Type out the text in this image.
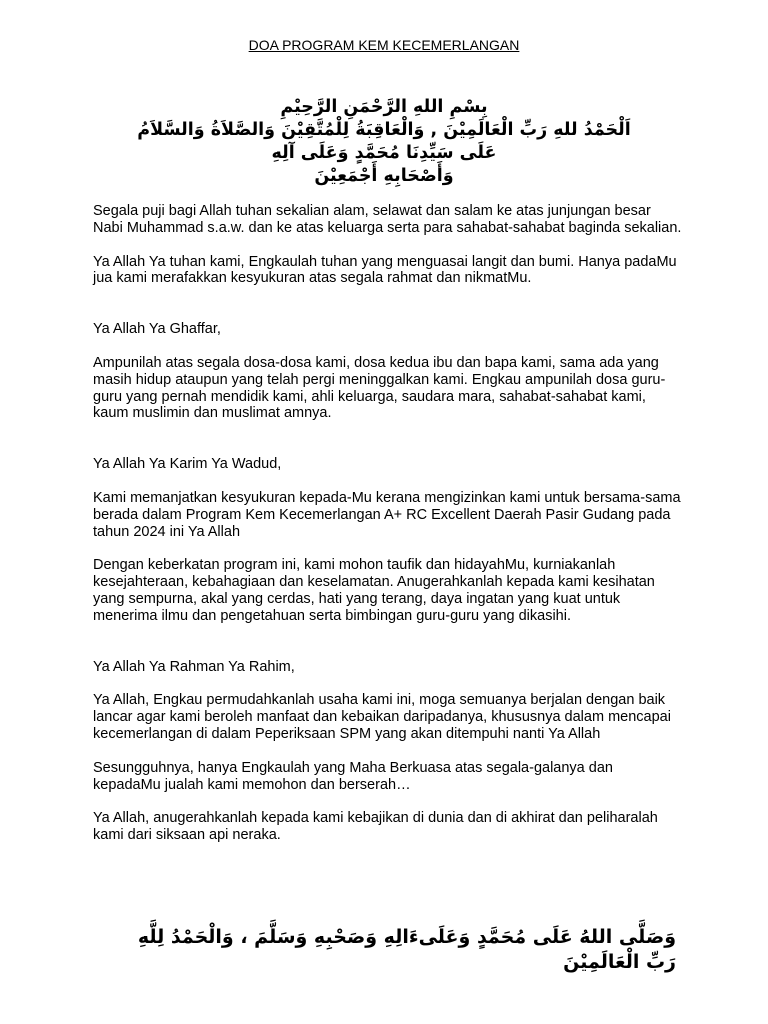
DOA PROGRAM KEM KECEMERLANGAN
بِسْمِ اللهِ الرَّحْمَنِ الرَّحِيْمِ
اَلْحَمْدُ للهِ رَبِّ الْعَالَمِيْنَ , وَالْعَاقِبَةُ لِلْمُتَّقِيْنَ وَالصَّلاَةُ وَالسَّلاَمُ
عَلَى سَيِّدِنَا مُحَمَّدٍ وَعَلَى آلِهِ
وَأَصْحَابِهِ أَجْمَعِيْنَ

Segala puji bagi Allah tuhan sekalian alam, selawat dan salam ke atas junjungan besar Nabi Muhammad s.a.w. dan ke atas keluarga serta para sahabat-sahabat baginda sekalian.

Ya Allah Ya tuhan kami, Engkaulah tuhan yang menguasai langit dan bumi. Hanya padaMu jua kami merafakkan kesyukuran atas segala rahmat dan nikmatMu.

Ya Allah Ya Ghaffar,

Ampunilah atas segala dosa-dosa kami, dosa kedua ibu dan bapa kami, sama ada yang masih hidup ataupun yang telah pergi meninggalkan kami. Engkau ampunilah dosa guru-guru yang pernah mendidik kami, ahli keluarga, saudara mara, sahabat-sahabat kami, kaum muslimin dan muslimat amnya.

Ya Allah Ya Karim Ya Wadud,

Kami memanjatkan kesyukuran kepada-Mu kerana mengizinkan kami untuk bersama-sama berada dalam Program Kem Kecemerlangan A+ RC Excellent Daerah Pasir Gudang pada tahun 2024 ini Ya Allah

Dengan keberkatan program ini, kami mohon taufik dan hidayahMu, kurniakanlah kesejahteraan, kebahagiaan dan keselamatan. Anugerahkanlah kepada kami kesihatan yang sempurna, akal yang cerdas, hati yang terang, daya ingatan yang kuat untuk menerima ilmu dan pengetahuan serta bimbingan guru-guru yang dikasihi.

Ya Allah Ya Rahman Ya Rahim,

Ya Allah, Engkau permudahkanlah usaha kami ini, moga semuanya berjalan dengan baik lancar agar kami beroleh manfaat dan kebaikan daripadanya, khususnya dalam mencapai kecemerlangan di dalam Peperiksaan SPM yang akan ditempuhi nanti Ya Allah

Sesungguhnya, hanya Engkaulah yang Maha Berkuasa atas segala-galanya dan kepadaMu jualah kami memohon dan berserah…

Ya Allah, anugerahkanlah kepada kami kebajikan di dunia dan di akhirat dan peliharalah kami dari siksaan api neraka.

وَصَلَّى اللهُ عَلَى مُحَمَّدٍ وَعَلَىءَالِهِ وَصَحْبِهِ وَسَلَّمَ ، وَالْحَمْدُ لِلَّهِ
رَبِّ الْعَالَمِيْنَ
